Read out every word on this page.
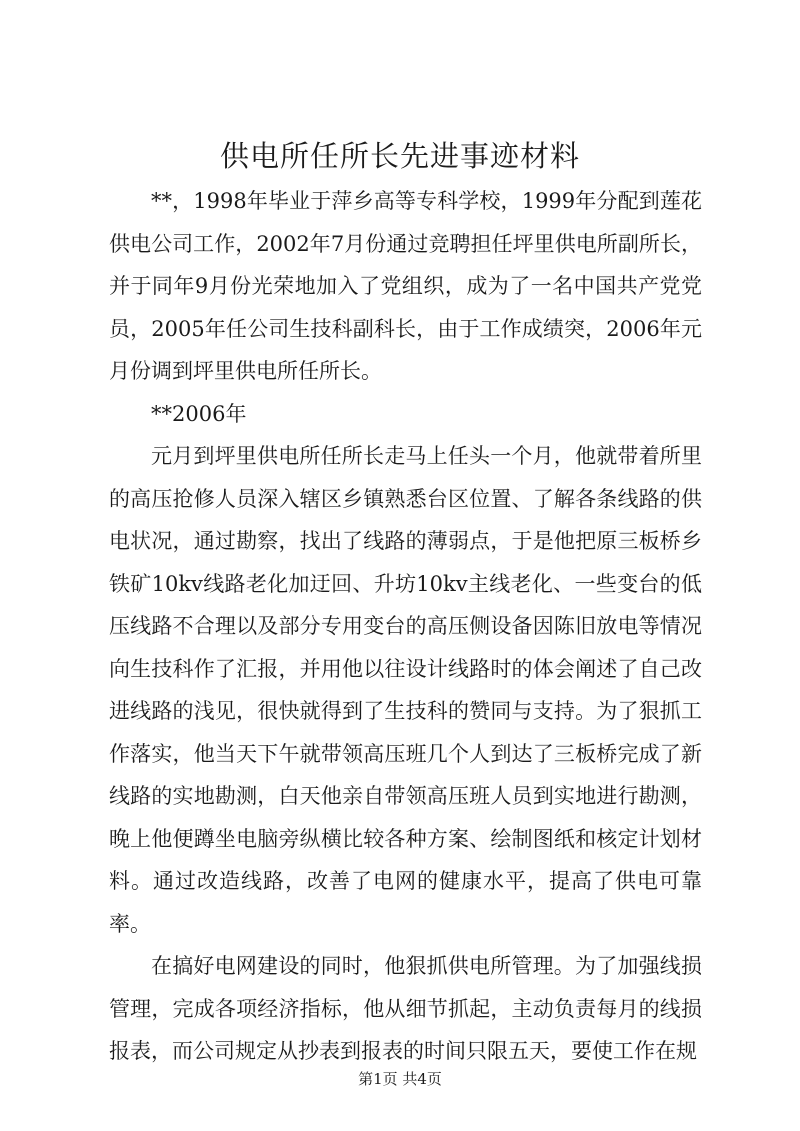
供电所任所长先进事迹材料

**，1998年毕业于萍乡高等专科学校，1999年分配到莲花供电公司工作，2002年7月份通过竞聘担任坪里供电所副所长，并于同年9月份光荣地加入了党组织，成为了一名中国共产党党员，2005年任公司生技科副科长，由于工作成绩突，2006年元月份调到坪里供电所任所长。

**2006年

元月到坪里供电所任所长走马上任头一个月，他就带着所里的高压抢修人员深入辖区乡镇熟悉台区位置、了解各条线路的供电状况，通过勘察，找出了线路的薄弱点，于是他把原三板桥乡铁矿10kv线路老化加迂回、升坊10kv主线老化、一些变台的低压线路不合理以及部分专用变台的高压侧设备因陈旧放电等情况向生技科作了汇报，并用他以往设计线路时的体会阐述了自己改进线路的浅见，很快就得到了生技科的赞同与支持。为了狠抓工作落实，他当天下午就带领高压班几个人到达了三板桥完成了新线路的实地勘测，白天他亲自带领高压班人员到实地进行勘测，晚上他便蹲坐电脑旁纵横比较各种方案、绘制图纸和核定计划材料。通过改造线路，改善了电网的健康水平，提高了供电可靠率。

在搞好电网建设的同时，他狠抓供电所管理。为了加强线损管理，完成各项经济指标，他从细节抓起，主动负责每月的线损报表，而公司规定从抄表到报表的时间只限五天，要使工作在规

第1页 共4页
